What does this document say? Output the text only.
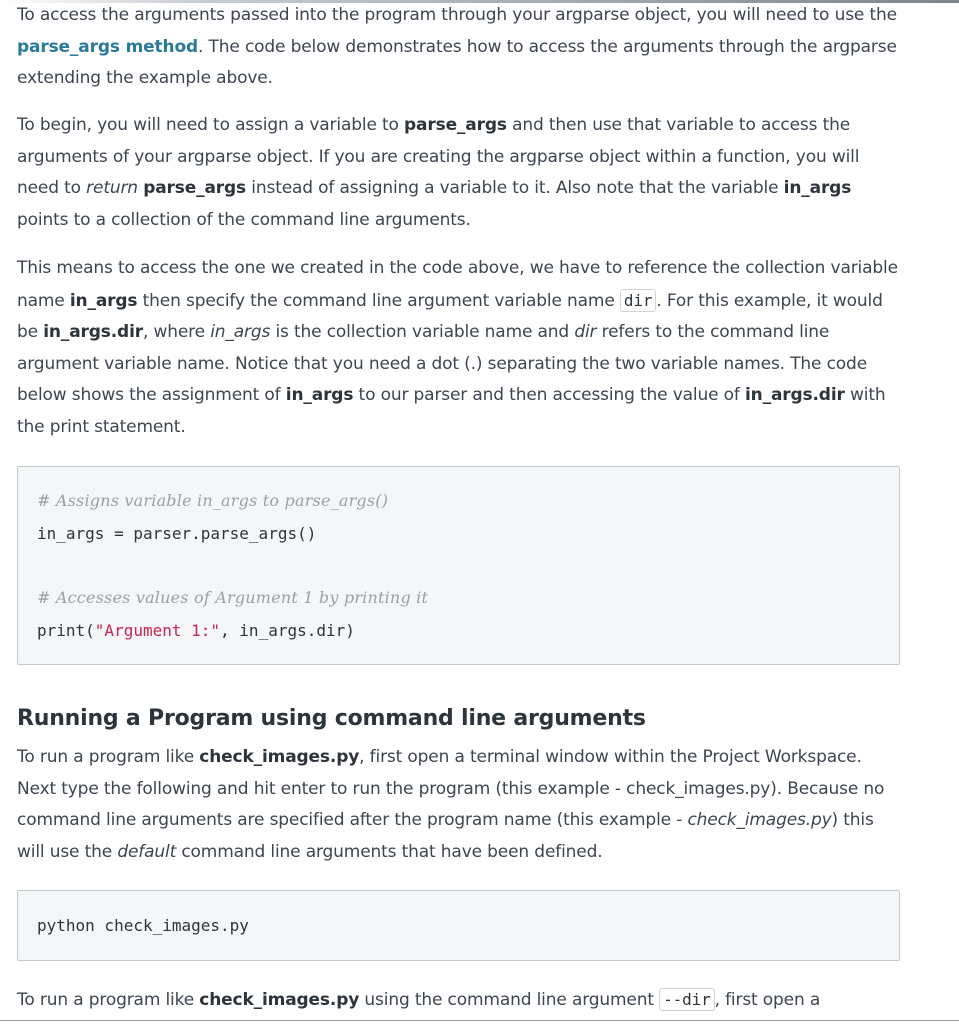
To access the arguments passed into the program through your argparse object, you will need to use the parse_args method. The code below demonstrates how to access the arguments through the argparse extending the example above.

To begin, you will need to assign a variable to parse_args and then use that variable to access the arguments of your argparse object. If you are creating the argparse object within a function, you will need to return parse_args instead of assigning a variable to it. Also note that the variable in_args points to a collection of the command line arguments.

This means to access the one we created in the code above, we have to reference the collection variable name in_args then specify the command line argument variable name dir . For this example, it would be in_args.dir, where in_args is the collection variable name and dir refers to the command line argument variable name. Notice that you need a dot (.) separating the two variable names. The code below shows the assignment of in_args to our parser and then accessing the value of in_args.dir with the print statement.

# Assigns variable in_args to parse_args()
in_args = parser.parse_args()
# Accesses values of Argument 1 by printing it
print("Argument 1:", in_args.dir)
Running a Program using command line arguments

To run a program like check_images.py, first open a terminal window within the Project Workspace. Next type the following and hit enter to run the program (this example - check_images.py). Because no command line arguments are specified after the program name (this example - check_images.py) this will use the default command line arguments that have been defined.

python check_images.py

To run a program like check_images.py using the command line argument --dir , first open a
